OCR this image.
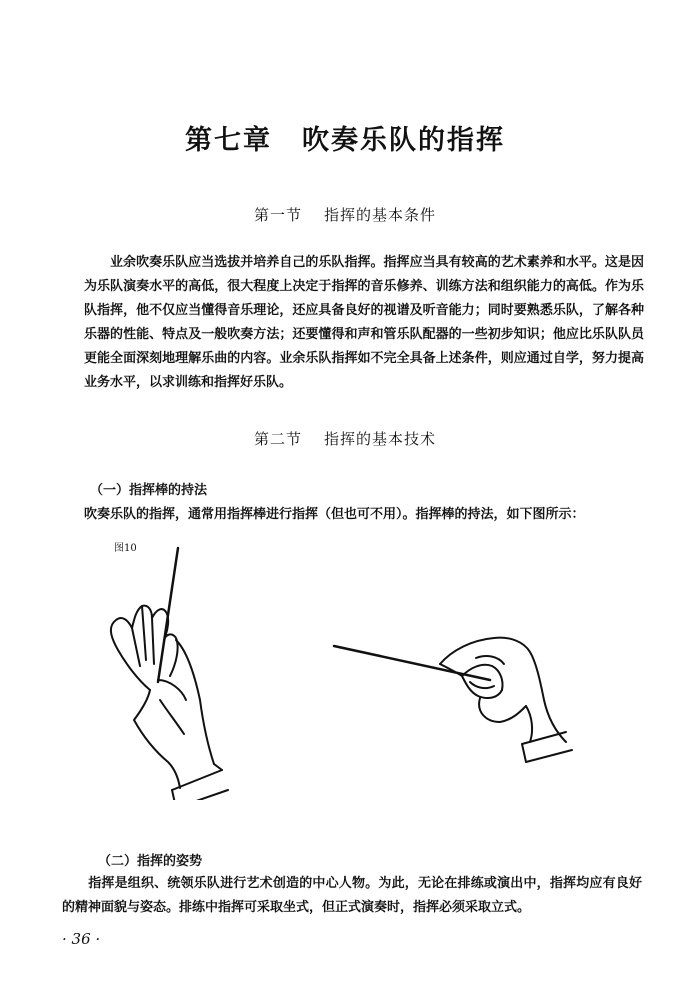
第七章 吹奏乐队的指挥
第一节 指挥的基本条件
业余吹奏乐队应当选拔并培养自己的乐队指挥。指挥应当具有较高的艺术素养和水平。这是因为乐队演奏水平的高低，很大程度上决定于指挥的音乐修养、训练方法和组织能力的高低。作为乐队指挥，他不仅应当懂得音乐理论，还应具备良好的视谱及听音能力；同时要熟悉乐队，了解各种乐器的性能、特点及一般吹奏方法；还要懂得和声和管乐队配器的一些初步知识；他应比乐队队员更能全面深刻地理解乐曲的内容。业余乐队指挥如不完全具备上述条件，则应通过自学，努力提高业务水平，以求训练和指挥好乐队。
第二节 指挥的基本技术
（一）指挥棒的持法
吹奏乐队的指挥，通常用指挥棒进行指挥（但也可不用）。指挥棒的持法，如下图所示：
图10
（二）指挥的姿势
指挥是组织、统领乐队进行艺术创造的中心人物。为此，无论在排练或演出中，指挥均应有良好的精神面貌与姿态。排练中指挥可采取坐式，但正式演奏时，指挥必须采取立式。
· 36 ·
